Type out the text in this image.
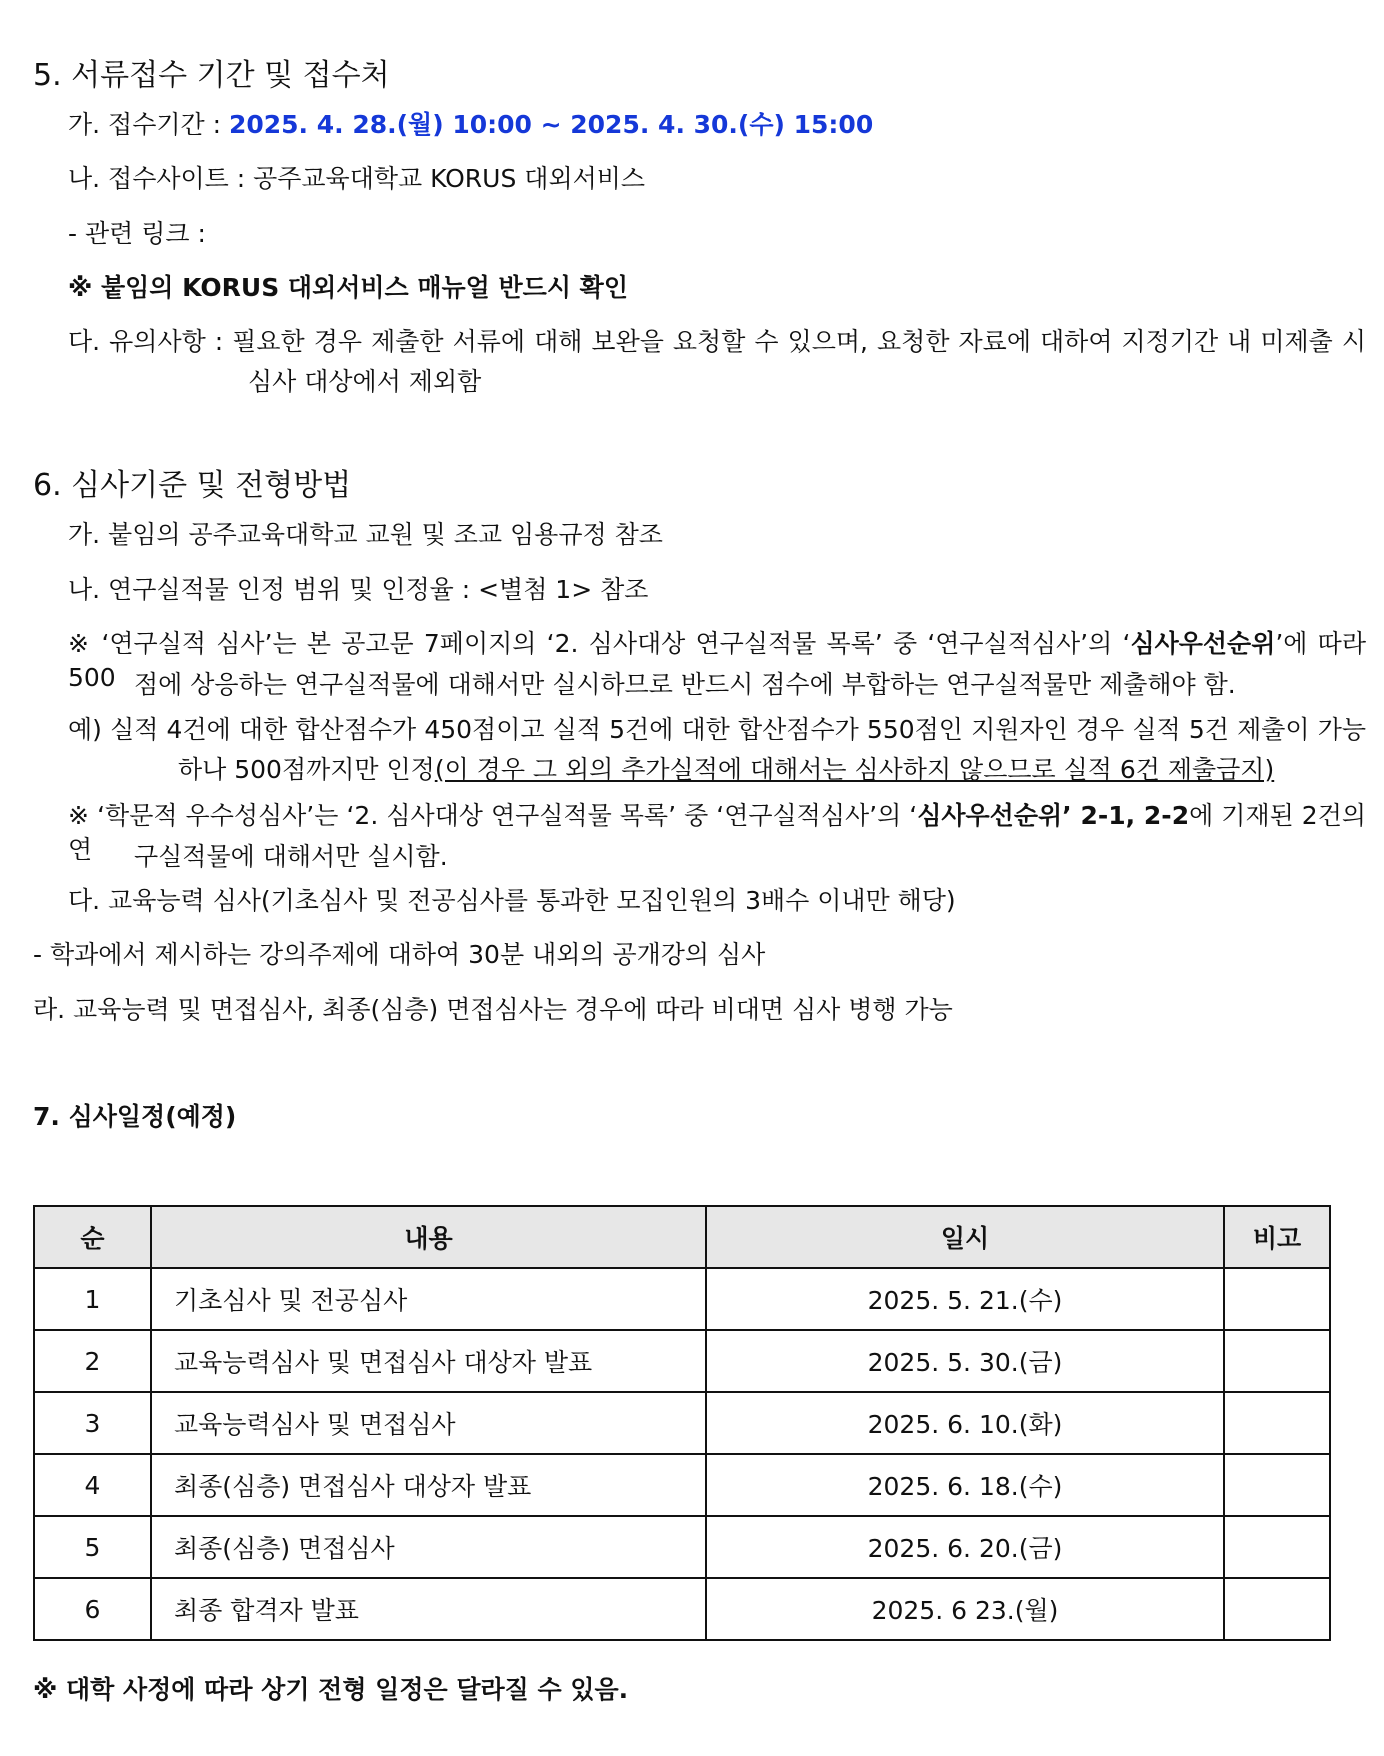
5. 서류접수 기간 및 접수처
가. 접수기간 : 2025. 4. 28.(월) 10:00 ~ 2025. 4. 30.(수) 15:00
나. 접수사이트 : 공주교육대학교 KORUS 대외서비스
- 관련 링크 :
※ 붙임의 KORUS 대외서비스 매뉴얼 반드시 확인
다. 유의사항 : 필요한 경우 제출한 서류에 대해 보완을 요청할 수 있으며, 요청한 자료에 대하여 지정기간 내 미제출 시
심사 대상에서 제외함
6. 심사기준 및 전형방법
가. 붙임의 공주교육대학교 교원 및 조교 임용규정 참조
나. 연구실적물 인정 범위 및 인정율 : <별첨 1> 참조
※ ‘연구실적 심사’는 본 공고문 7페이지의 ‘2. 심사대상 연구실적물 목록’ 중 ‘연구실적심사’의 ‘심사우선순위’에 따라 500 점에 상응하는 연구실적물에 대해서만 실시하므로 반드시 점수에 부합하는 연구실적물만 제출해야 함.
예) 실적 4건에 대한 합산점수가 450점이고 실적 5건에 대한 합산점수가 550점인 지원자인 경우 실적 5건 제출이 가능
하나 500점까지만 인정(이 경우 그 외의 추가실적에 대해서는 심사하지 않으므로 실적 6건 제출금지)
※ ‘학문적 우수성심사’는 ‘2. 심사대상 연구실적물 목록’ 중 ‘연구실적심사’의 ‘심사우선순위’ 2-1, 2-2에 기재된 2건의 연	구실적물에 대해서만 실시함.
다. 교육능력 심사(기초심사 및 전공심사를 통과한 모집인원의 3배수 이내만 해당)
- 학과에서 제시하는 강의주제에 대하여 30분 내외의 공개강의 심사
라. 교육능력 및 면접심사, 최종(심층) 면접심사는 경우에 따라 비대면 심사 병행 가능
7. 심사일정(예정)
순	내용	일시	비고
1	기초심사 및 전공심사	2025. 5. 21.(수)	
2	교육능력심사 및 면접심사 대상자 발표	2025. 5. 30.(금)	
3	교육능력심사 및 면접심사	2025. 6. 10.(화)	
4	최종(심층) 면접심사 대상자 발표	2025. 6. 18.(수)	
5	최종(심층) 면접심사	2025. 6. 20.(금)	
6	최종 합격자 발표	2025. 6 23.(월)	
※ 대학 사정에 따라 상기 전형 일정은 달라질 수 있음.
